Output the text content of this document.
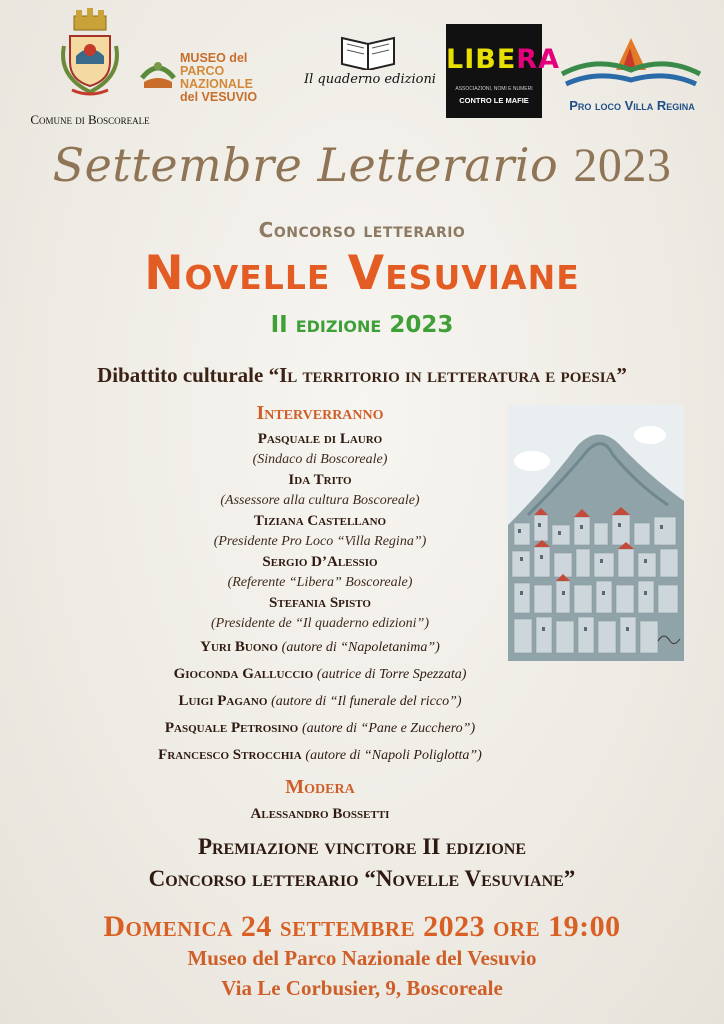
Comune di Boscoreale
MUSEO del
PARCO NAZIONALE
del VESUVIO
Il quaderno edizioni
LIBERA
ASSOCIAZIONI, NOMI E NUMERI
CONTRO LE MAFIE	Pro loco Villa Regina
Settembre Letterario 2023
Concorso letterario
Novelle Vesuviane
II edizione 2023
Dibattito culturale “Il territorio in letteratura e poesia”
Interverranno
Pasquale di Lauro
(Sindaco di Boscoreale)
Ida Trito
(Assessore alla cultura Boscoreale)
Tiziana Castellano
(Presidente Pro Loco “Villa Regina”)
Sergio D’Alessio
(Referente “Libera” Boscoreale)
Stefania Spisto
(Presidente de “Il quaderno edizioni”)
Yuri Buono (autore di “Napoletanima”)
Gioconda Galluccio (autrice di Torre Spezzata)
Luigi Pagano (autore di “Il funerale del ricco”)
Pasquale Petrosino (autore di “Pane e Zucchero”)
Francesco Strocchia (autore di “Napoli Poliglotta”)
Modera
Alessandro Bossetti
Premiazione vincitore II edizione
Concorso letterario “Novelle Vesuviane”
Domenica 24 settembre 2023 ore 19:00
Museo del Parco Nazionale del Vesuvio
Via Le Corbusier, 9, Boscoreale
